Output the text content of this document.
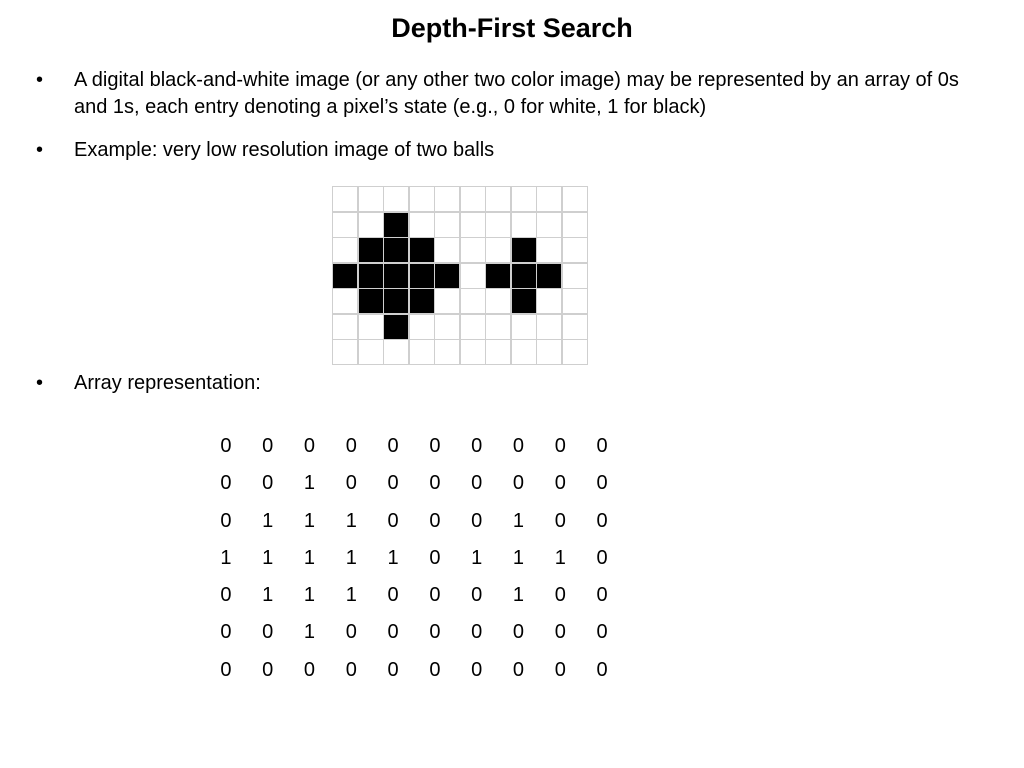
Depth-First Search
•	A digital black-and-white image (or any other two color image) may be represented by an array of 0s and 1s, each entry denoting a pixel’s state (e.g., 0 for white, 1 for black)
•	Example: very low resolution image of two balls
•	Array representation:
0	0	0	0	0	0	0	0	0	0
0	0	1	0	0	0	0	0	0	0
0	1	1	1	0	0	0	1	0	0
1	1	1	1	1	0	1	1	1	0
0	1	1	1	0	0	0	1	0	0
0	0	1	0	0	0	0	0	0	0
0	0	0	0	0	0	0	0	0	0
